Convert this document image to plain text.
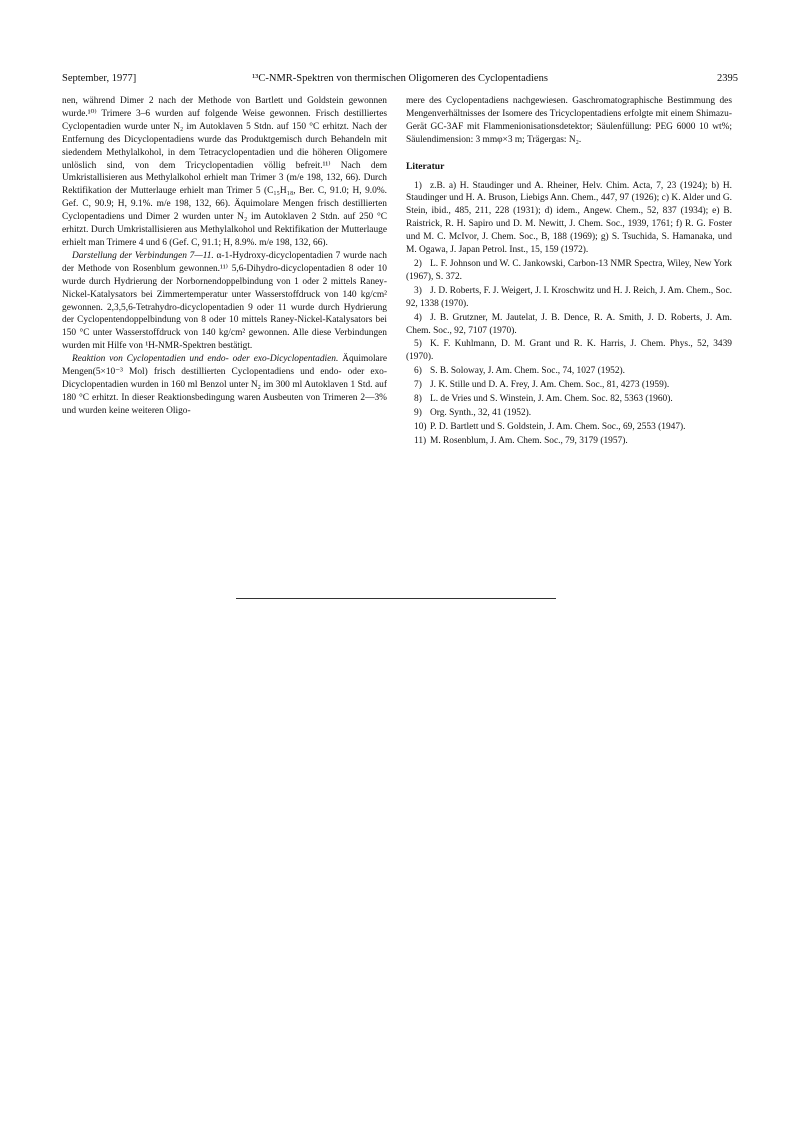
September, 1977]	¹³C-NMR-Spektren von thermischen Oligomeren des Cyclopentadiens	2395

nen, während Dimer 2 nach der Methode von Bartlett und Goldstein gewonnen wurde.¹⁰⁾ Trimere 3–6 wurden auf folgende Weise gewonnen. Frisch destilliertes Cyclopentadien wurde unter N₂ im Autoklaven 5 Stdn. auf 150 °C erhitzt. Nach der Entfernung des Dicyclopentadiens wurde das Produktgemisch durch Behandeln mit siedendem Methylalkohol, in dem Tetracyclopentadien und die höheren Oligomere unlöslich sind, von dem Tricyclopentadien völlig befreit.¹¹⁾ Nach dem Umkristallisieren aus Methylalkohol erhielt man Trimer 3 (m/e 198, 132, 66). Durch Rektifikation der Mutterlauge erhielt man Trimer 5 (C₁₅H₁₈, Ber. C, 91.0; H, 9.0%. Gef. C, 90.9; H, 9.1%. m/e 198, 132, 66). Äquimolare Mengen frisch destillierten Cyclopentadiens und Dimer 2 wurden unter N₂ im Autoklaven 2 Stdn. auf 250 °C erhitzt. Durch Umkristallisieren aus Methylalkohol und Rektifikation der Mutterlauge erhielt man Trimere 4 und 6 (Gef. C, 91.1; H, 8.9%. m/e 198, 132, 66).

Darstellung der Verbindungen 7—11. α-1-Hydroxy-dicyclopentadien 7 wurde nach der Methode von Rosenblum gewonnen.¹¹⁾ 5,6-Dihydro-dicyclopentadien 8 oder 10 wurde durch Hydrierung der Norbornendoppelbindung von 1 oder 2 mittels Raney-Nickel-Katalysators bei Zimmertemperatur unter Wasserstoffdruck von 140 kg/cm² gewonnen. 2,3,5,6-Tetrahydro-dicyclopentadien 9 oder 11 wurde durch Hydrierung der Cyclopentendoppelbindung von 8 oder 10 mittels Raney-Nickel-Katalysators bei 150 °C unter Wasserstoffdruck von 140 kg/cm² gewonnen. Alle diese Verbindungen wurden mit Hilfe von ¹H-NMR-Spektren bestätigt.

Reaktion von Cyclopentadien und endo- oder exo-Dicyclopentadien. Äquimolare Mengen(5×10⁻³ Mol) frisch destillierten Cyclopentadiens und endo- oder exo-Dicyclopentadien wurden in 160 ml Benzol unter N₂ im 300 ml Autoklaven 1 Std. auf 180 °C erhitzt. In dieser Reaktionsbedingung waren Ausbeuten von Trimeren 2—3% und wurden keine weiteren Oligo-

mere des Cyclopentadiens nachgewiesen. Gaschromatographische Bestimmung des Mengenverhältnisses der Isomere des Tricyclopentadiens erfolgte mit einem Shimazu-Gerät GC-3AF mit Flammenionisationsdetektor; Säulenfüllung: PEG 6000 10 wt%; Säulendimension: 3 mmφ×3 m; Trägergas: N₂.

Literatur
1) z.B. a) H. Staudinger und A. Rheiner, Helv. Chim. Acta, 7, 23 (1924); b) H. Staudinger und H. A. Bruson, Liebigs Ann. Chem., 447, 97 (1926); c) K. Alder und G. Stein, ibid., 485, 211, 228 (1931); d) idem., Angew. Chem., 52, 837 (1934); e) B. Raistrick, R. H. Sapiro und D. M. Newitt, J. Chem. Soc., 1939, 1761; f) R. G. Foster und M. C. McIvor, J. Chem. Soc., B, 188 (1969); g) S. Tsuchida, S. Hamanaka, und M. Ogawa, J. Japan Petrol. Inst., 15, 159 (1972).
2) L. F. Johnson und W. C. Jankowski, Carbon-13 NMR Spectra, Wiley, New York (1967), S. 372.
3) J. D. Roberts, F. J. Weigert, J. I. Kroschwitz und H. J. Reich, J. Am. Chem., Soc. 92, 1338 (1970).
4) J. B. Grutzner, M. Jautelat, J. B. Dence, R. A. Smith, J. D. Roberts, J. Am. Chem. Soc., 92, 7107 (1970).
5) K. F. Kuhlmann, D. M. Grant und R. K. Harris, J. Chem. Phys., 52, 3439 (1970).
6) S. B. Soloway, J. Am. Chem. Soc., 74, 1027 (1952).
7) J. K. Stille und D. A. Frey, J. Am. Chem. Soc., 81, 4273 (1959).
8) L. de Vries und S. Winstein, J. Am. Chem. Soc. 82, 5363 (1960).
9) Org. Synth., 32, 41 (1952).
10) P. D. Bartlett und S. Goldstein, J. Am. Chem. Soc., 69, 2553 (1947).
11) M. Rosenblum, J. Am. Chem. Soc., 79, 3179 (1957).
